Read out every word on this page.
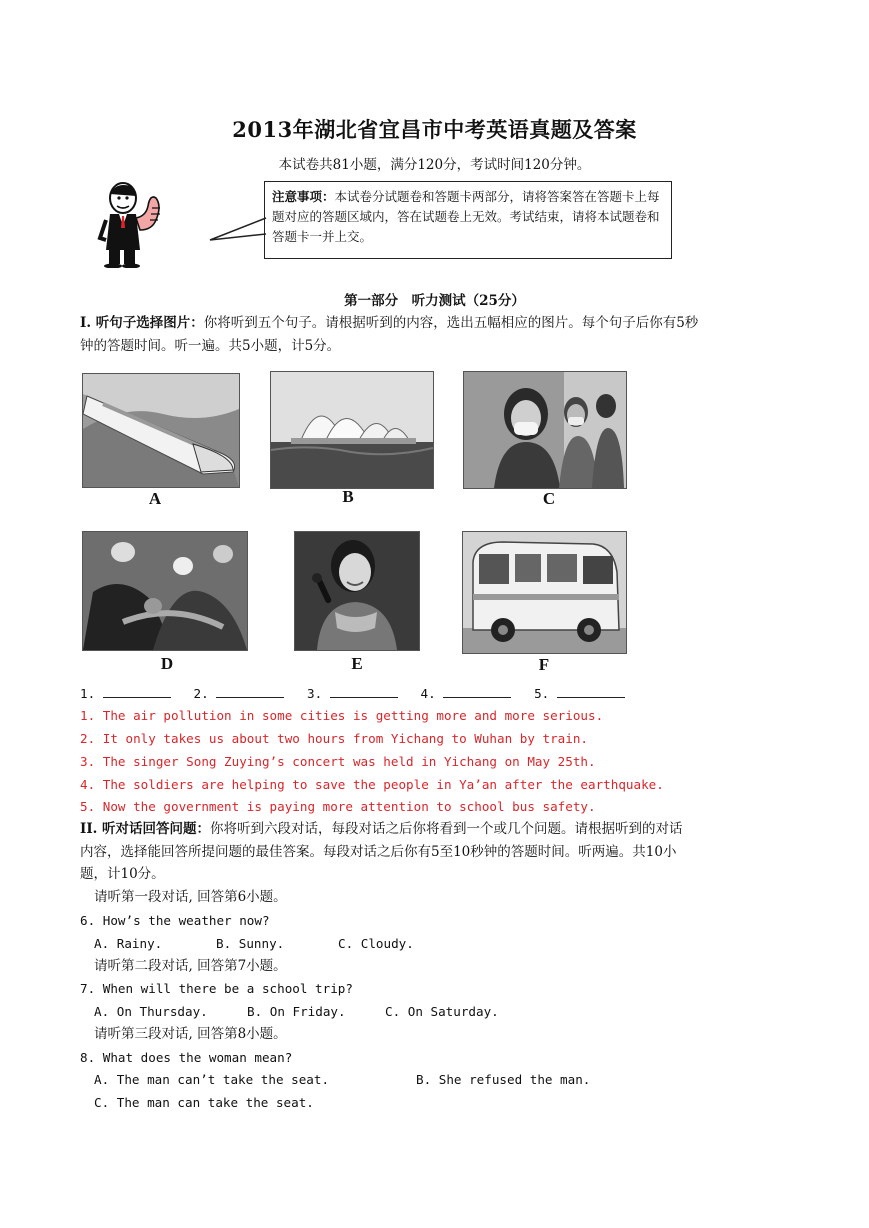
2013年湖北省宜昌市中考英语真题及答案
本试卷共81小题，满分120分，考试时间120分钟。
注意事项：本试卷分试题卷和答题卡两部分，请将答案答在答题卡上每题对应的答题区域内，答在试题卷上无效。考试结束，请将本试题卷和答题卡一并上交。
第一部分　听力测试（25分）
I. 听句子选择图片：你将听到五个句子。请根据听到的内容，选出五幅相应的图片。每个句子后你有5秒钟的答题时间。听一遍。共5小题，计5分。
A	B	C
D	E	F
1.	2.	3.	4.	5.
1. The air pollution in some cities is getting more and more serious.
2. It only takes us about two hours from Yichang to Wuhan by train.
3. The singer Song Zuying’s concert was held in Yichang on May 25th.
4. The soldiers are helping to save the people in Ya’an after the earthquake.
5. Now the government is paying more attention to school bus safety.
II. 听对话回答问题：你将听到六段对话，每段对话之后你将看到一个或几个问题。请根据听到的对话内容，选择能回答所提问题的最佳答案。每段对话之后你有5至10秒钟的答题时间。听两遍。共10小题，计10分。
请听第一段对话, 回答第6小题。
6. How’s the weather now?
A. Rainy.	B. Sunny.	C. Cloudy.
请听第二段对话, 回答第7小题。
7. When will there be a school trip?
A. On Thursday.	B. On Friday.	C. On Saturday.
请听第三段对话, 回答第8小题。
8. What does the woman mean?
A. The man can’t take the seat.	B. She refused the man.
C. The man can take the seat.
